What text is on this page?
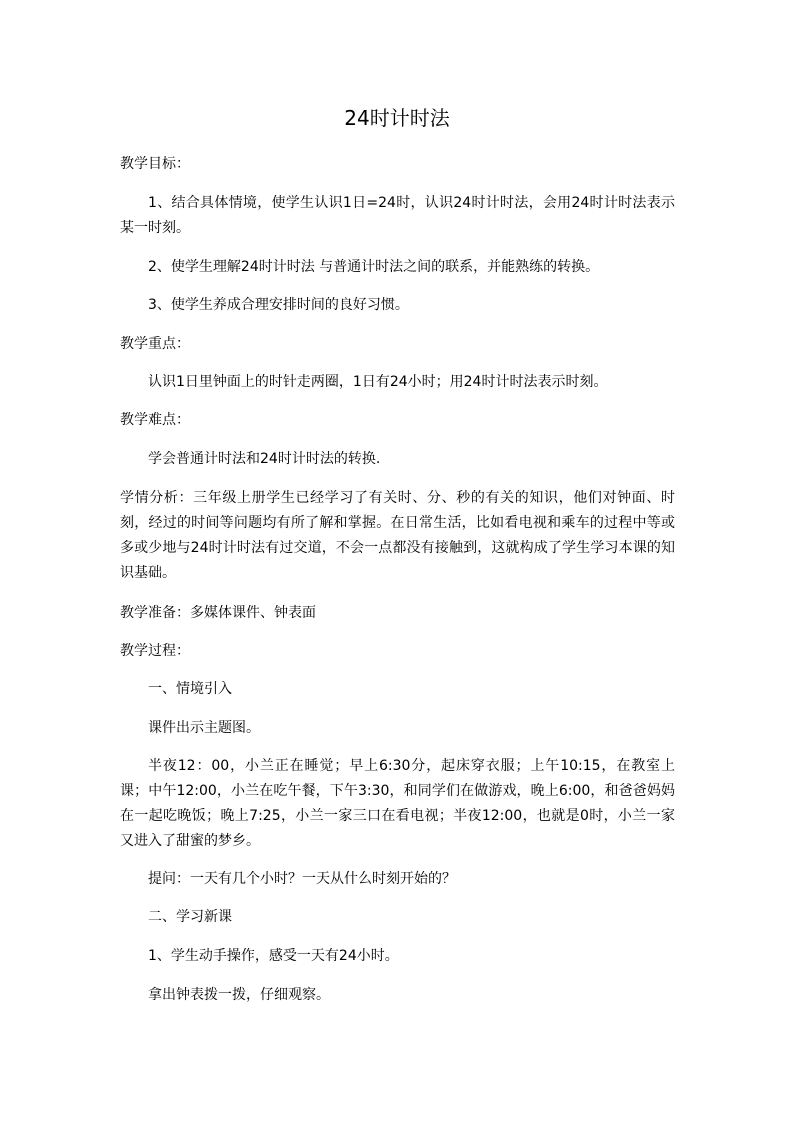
24时计时法
教学目标：
1、结合具体情境，使学生认识1日=24时，认识24时计时法，会用24时计时法表示某一时刻。
2、使学生理解24时计时法 与普通计时法之间的联系，并能熟练的转换。
3、使学生养成合理安排时间的良好习惯。
教学重点：
认识1日里钟面上的时针走两圈，1日有24小时；用24时计时法表示时刻。
教学难点：
学会普通计时法和24时计时法的转换.
学情分析：三年级上册学生已经学习了有关时、分、秒的有关的知识，他们对钟面、时刻，经过的时间等问题均有所了解和掌握。在日常生活，比如看电视和乘车的过程中等或多或少地与24时计时法有过交道，不会一点都没有接触到，这就构成了学生学习本课的知识基础。
教学准备：多媒体课件、钟表面
教学过程：
一、情境引入
课件出示主题图。
半夜12：00，小兰正在睡觉；早上6:30分，起床穿衣服；上午10:15，在教室上课；中午12:00，小兰在吃午餐，下午3:30，和同学们在做游戏，晚上6:00，和爸爸妈妈在一起吃晚饭；晚上7:25，小兰一家三口在看电视；半夜12:00，也就是0时，小兰一家又进入了甜蜜的梦乡。
提问：一天有几个小时？一天从什么时刻开始的？
二、学习新课
1、学生动手操作，感受一天有24小时。
拿出钟表拨一拨，仔细观察。
